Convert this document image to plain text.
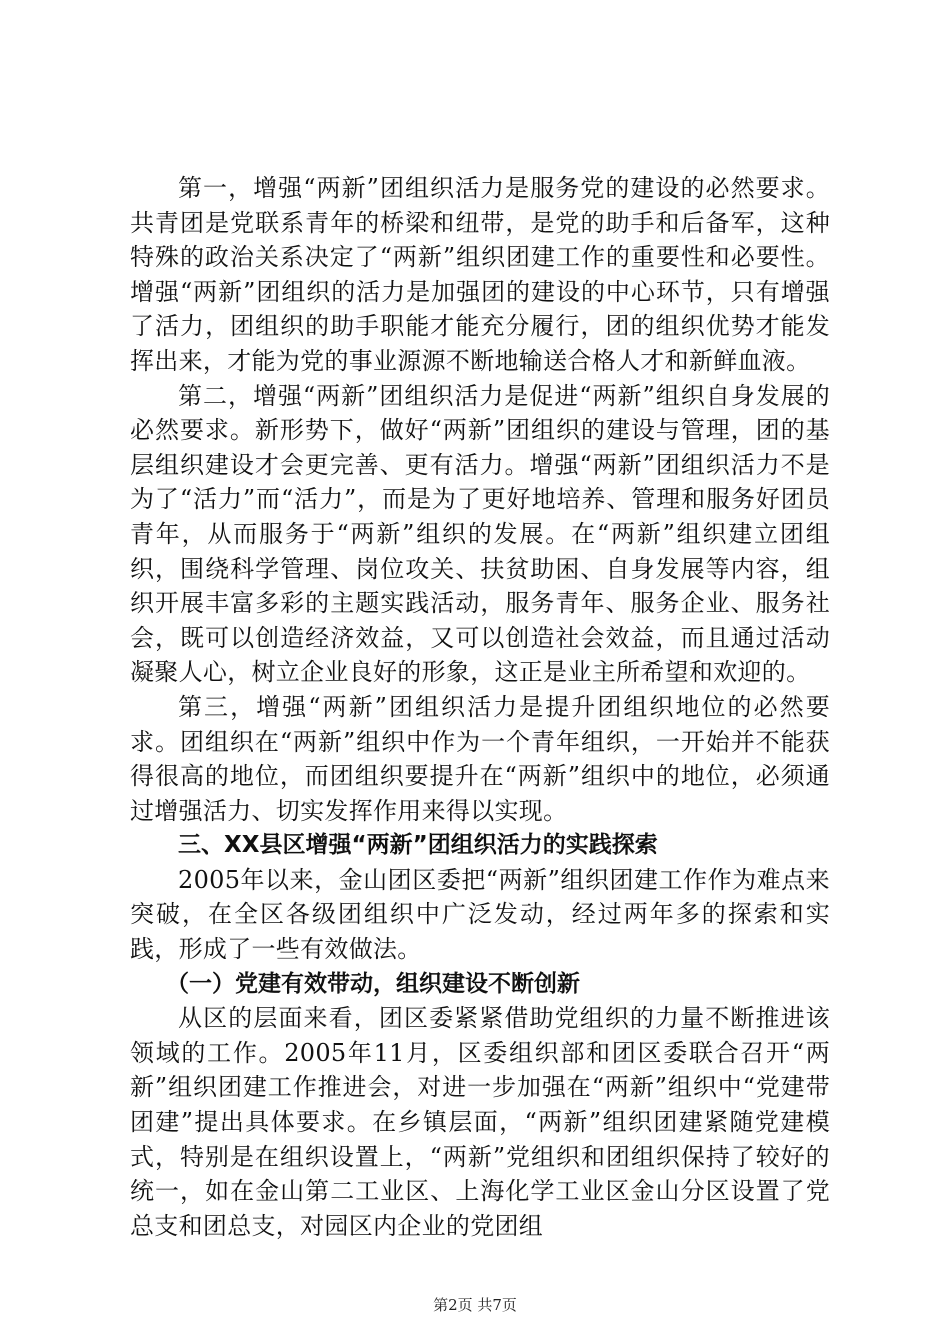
第一，增强“两新”团组织活力是服务党的建设的必然要求。共青团是党联系青年的桥梁和纽带，是党的助手和后备军，这种特殊的政治关系决定了“两新”组织团建工作的重要性和必要性。增强“两新”团组织的活力是加强团的建设的中心环节，只有增强了活力，团组织的助手职能才能充分履行，团的组织优势才能发挥出来，才能为党的事业源源不断地输送合格人才和新鲜血液。

第二，增强“两新”团组织活力是促进“两新”组织自身发展的必然要求。新形势下，做好“两新”团组织的建设与管理，团的基层组织建设才会更完善、更有活力。增强“两新”团组织活力不是为了“活力”而“活力”，而是为了更好地培养、管理和服务好团员青年，从而服务于“两新”组织的发展。在“两新”组织建立团组织，围绕科学管理、岗位攻关、扶贫助困、自身发展等内容，组织开展丰富多彩的主题实践活动，服务青年、服务企业、服务社会，既可以创造经济效益，又可以创造社会效益，而且通过活动凝聚人心，树立企业良好的形象，这正是业主所希望和欢迎的。

第三，增强“两新”团组织活力是提升团组织地位的必然要求。团组织在“两新”组织中作为一个青年组织，一开始并不能获得很高的地位，而团组织要提升在“两新”组织中的地位，必须通过增强活力、切实发挥作用来得以实现。

三、XX县区增强“两新”团组织活力的实践探索

2005年以来，金山团区委把“两新”组织团建工作作为难点来突破，在全区各级团组织中广泛发动，经过两年多的探索和实践，形成了一些有效做法。

（一）党建有效带动，组织建设不断创新

从区的层面来看，团区委紧紧借助党组织的力量不断推进该领域的工作。2005年11月，区委组织部和团区委联合召开“两新”组织团建工作推进会，对进一步加强在“两新”组织中“党建带团建”提出具体要求。在乡镇层面，“两新”组织团建紧随党建模式，特别是在组织设置上，“两新”党组织和团组织保持了较好的统一，如在金山第二工业区、上海化学工业区金山分区设置了党总支和团总支，对园区内企业的党团组

第2页 共7页
